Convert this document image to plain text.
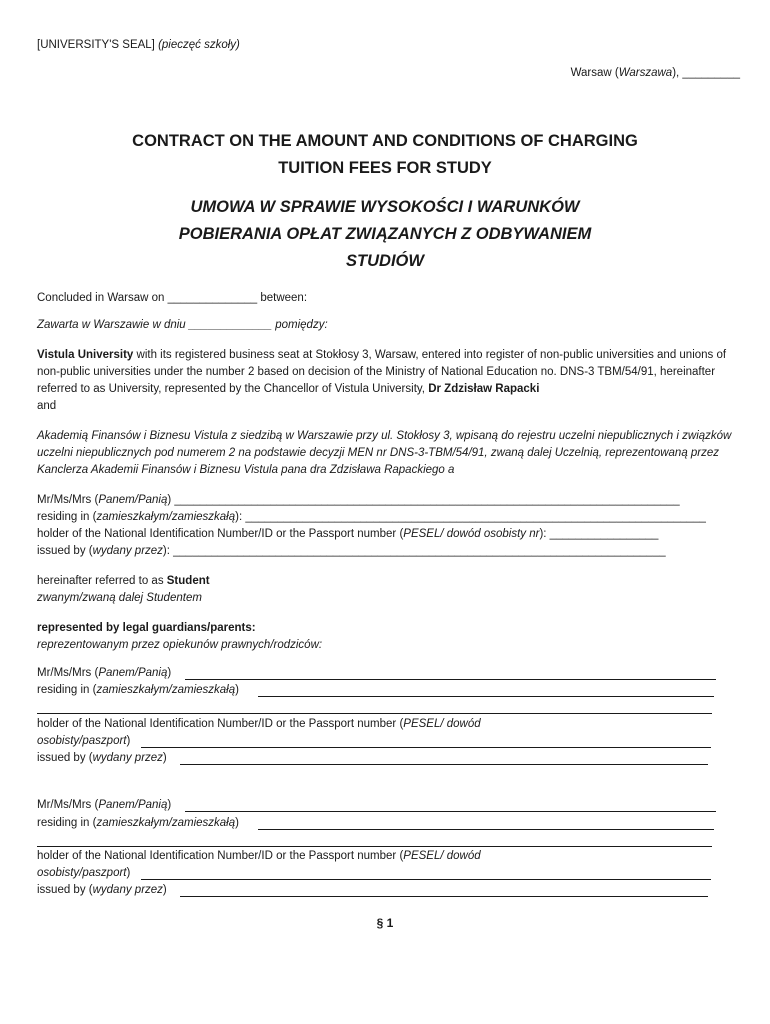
[UNIVERSITY'S SEAL] (pieczęć szkoły)
Warsaw (Warszawa), _________
CONTRACT ON THE AMOUNT AND CONDITIONS OF CHARGING
TUITION FEES FOR STUDY
UMOWA W SPRAWIE WYSOKOŚCI I WARUNKÓW
POBIERANIA OPŁAT ZWIĄZANYCH Z ODBYWANIEM
STUDIÓW
Concluded in Warsaw on ______________ between:
Zawarta w Warszawie w dniu _____________ pomiędzy:
Vistula University with its registered business seat at Stokłosy 3, Warsaw, entered into register of non-public universities and unions of non-public universities under the number 2 based on decision of the Ministry of National Education no. DNS-3 TBM/54/91, hereinafter referred to as University, represented by the Chancellor of Vistula University, Dr Zdzisław Rapacki
and
Akademią Finansów i Biznesu Vistula z siedzibą w Warszawie przy ul. Stokłosy 3, wpisaną do rejestru uczelni niepublicznych i związków uczelni niepublicznych pod numerem 2 na podstawie decyzji MEN nr DNS-3-TBM/54/91, zwaną dalej Uczelnią, reprezentowaną przez Kanclerza Akademii Finansów i Biznesu Vistula pana dra Zdzisława Rapackiego a
Mr/Ms/Mrs (Panem/Panią) _______________________________________________________________________________
residing in (zamieszkałym/zamieszkałą): ________________________________________________________________________
holder of the National Identification Number/ID or the Passport number (PESEL/ dowód osobisty nr): _________________
issued by (wydany przez): _____________________________________________________________________________
hereinafter referred to as Student
zwanym/zwaną dalej Studentem
represented by legal guardians/parents:
reprezentowanym przez opiekunów prawnych/rodziców:
Mr/Ms/Mrs (Panem/Panią)
residing in (zamieszkałym/zamieszkałą)
holder of the National Identification Number/ID or the Passport number (PESEL/ dowód
osobisty/paszport)
issued by (wydany przez)
Mr/Ms/Mrs (Panem/Panią)
residing in (zamieszkałym/zamieszkałą)
holder of the National Identification Number/ID or the Passport number (PESEL/ dowód
osobisty/paszport)
issued by (wydany przez)
§ 1
